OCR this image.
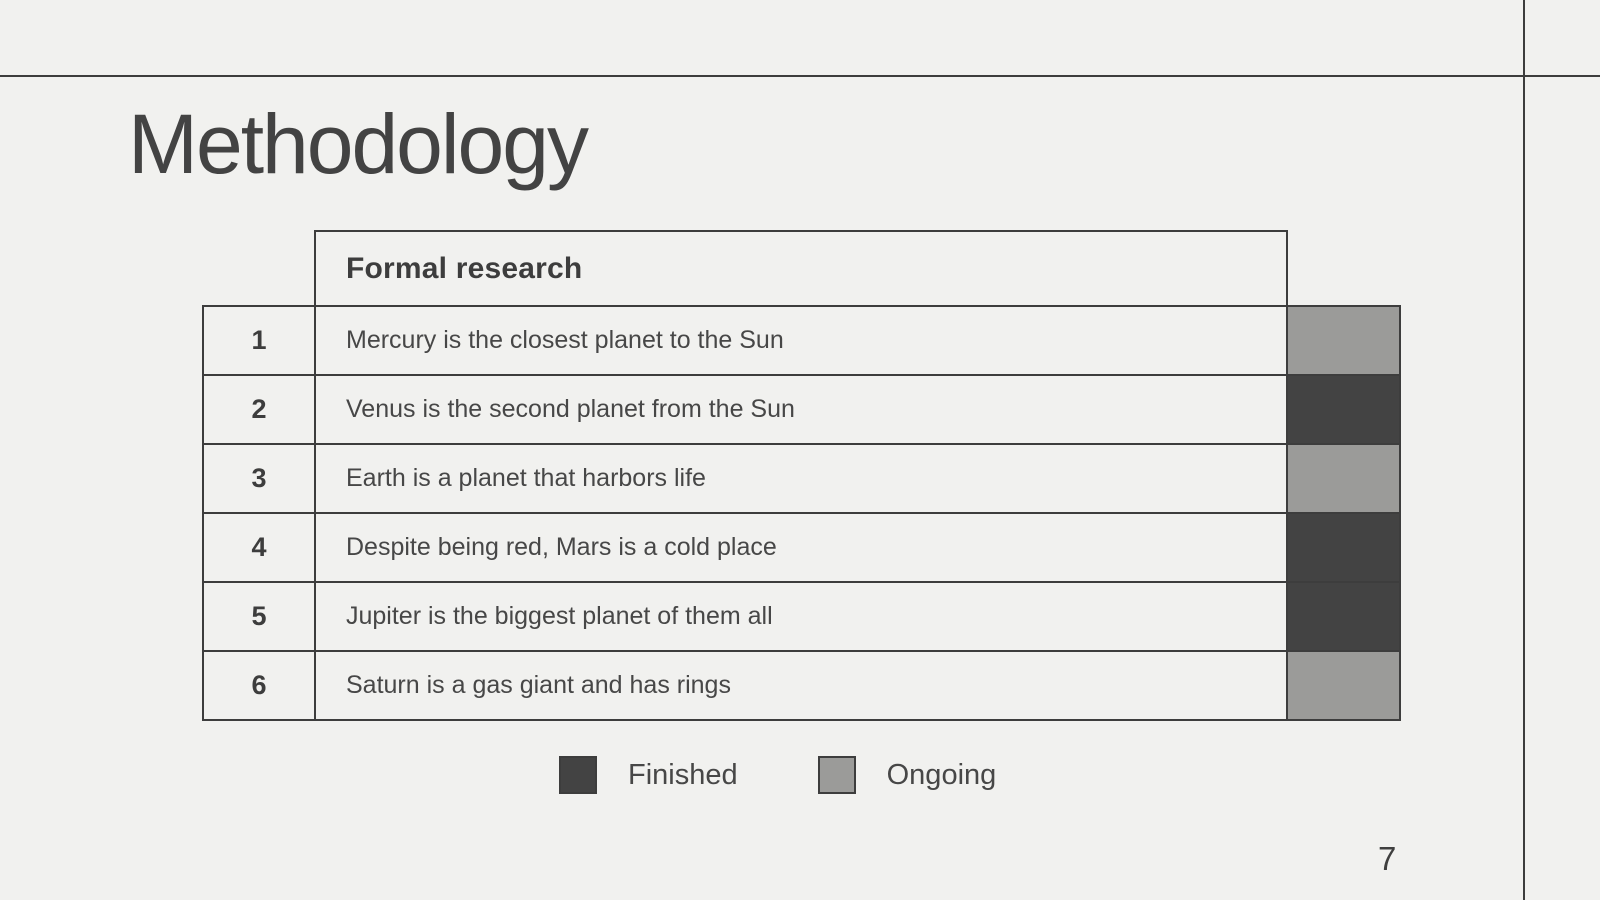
Methodology
	Formal research	
1	Mercury is the closest planet to the Sun	
2	Venus is the second planet from the Sun	
3	Earth is a planet that harbors life	
4	Despite being red, Mars is a cold place	
5	Jupiter is the biggest planet of them all	
6	Saturn is a gas giant and has rings	
Finished	Ongoing
7
